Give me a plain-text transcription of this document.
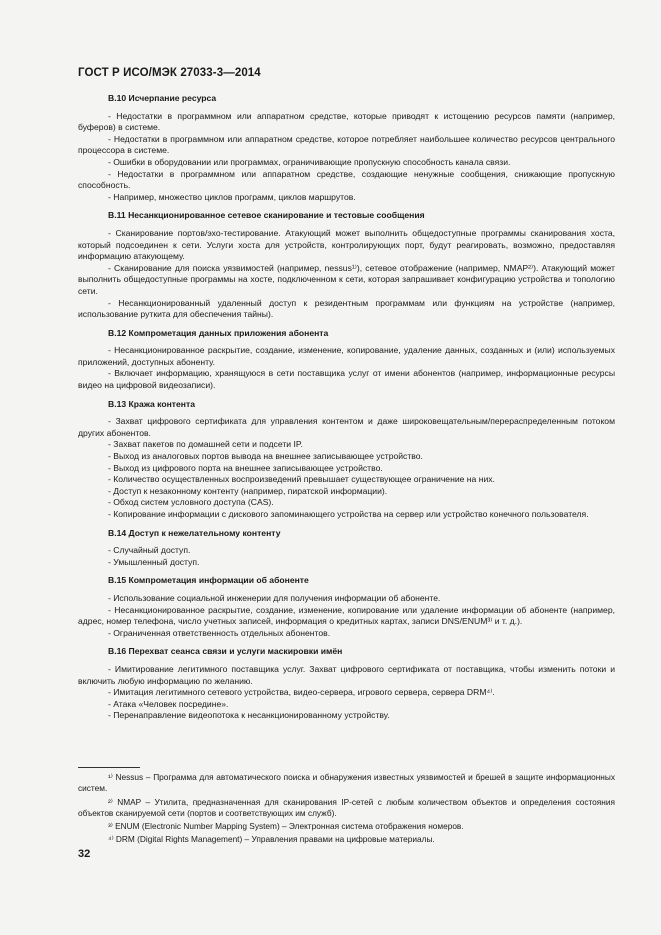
ГОСТ Р ИСО/МЭК 27033-3—2014
B.10 Исчерпание ресурса

- Недостатки в программном или аппаратном средстве, которые приводят к истощению ресурсов памяти (например, буферов) в системе.

- Недостатки в программном или аппаратном средстве, которое потребляет наибольшее количество ресурсов центрального процессора в системе.

- Ошибки в оборудовании или программах, ограничивающие пропускную способность канала связи.

- Недостатки в программном или аппаратном средстве, создающие ненужные сообщения, снижающие пропускную способность.

- Например, множество циклов программ, циклов маршрутов.

B.11 Несанкционированное сетевое сканирование и тестовые сообщения

- Сканирование портов/эхо-тестирование. Атакующий может выполнить общедоступные программы сканирования хоста, который подсоединен к сети. Услуги хоста для устройств, контролирующих порт, будут реагировать, возможно, предоставляя информацию атакующему.

- Сканирование для поиска уязвимостей (например, nessus¹⁾), сетевое отображение (например, NMAP²⁾). Атакующий может выполнить общедоступные программы на хосте, подключенном к сети, которая запрашивает конфигурацию устройства и топологию сети.

- Несанкционированный удаленный доступ к резидентным программам или функциям на устройстве (например, использование руткита для обеспечения тайны).

B.12 Компрометация данных приложения абонента

- Несанкционированное раскрытие, создание, изменение, копирование, удаление данных, созданных и (или) используемых приложений, доступных абоненту.

- Включает информацию, хранящуюся в сети поставщика услуг от имени абонентов (например, информационные ресурсы видео на цифровой видеозаписи).

B.13 Кража контента

- Захват цифрового сертификата для управления контентом и даже широковещательным/перераспределенным потоком других абонентов.

- Захват пакетов по домашней сети и подсети IP.

- Выход из аналоговых портов вывода на внешнее записывающее устройство.

- Выход из цифрового порта на внешнее записывающее устройство.

- Количество осуществленных воспроизведений превышает существующее ограничение на них.

- Доступ к незаконному контенту (например, пиратской информации).

- Обход систем условного доступа (CAS).

- Копирование информации с дискового запоминающего устройства на сервер или устройство конечного пользователя.

B.14 Доступ к нежелательному контенту

- Случайный доступ.

- Умышленный доступ.

B.15 Компрометация информации об абоненте

- Использование социальной инженерии для получения информации об абоненте.

- Несанкционированное раскрытие, создание, изменение, копирование или удаление информации об абоненте (например, адрес, номер телефона, число учетных записей, информация о кредитных картах, записи DNS/ENUM³⁾ и т. д.).

- Ограниченная ответственность отдельных абонентов.

B.16 Перехват сеанса связи и услуги маскировки имён

- Имитирование легитимного поставщика услуг. Захват цифрового сертификата от поставщика, чтобы изменить потоки и включить любую информацию по желанию.

- Имитация легитимного сетевого устройства, видео-сервера, игрового сервера, сервера DRM⁴⁾.

- Атака «Человек посредине».

- Перенаправление видеопотока к несанкционированному устройству.

¹⁾ Nessus – Программа для автоматического поиска и обнаружения известных уязвимостей и брешей в защите информационных систем.

²⁾ NMAP – Утилита, предназначенная для сканирования IP-сетей с любым количеством объектов и определения состояния объектов сканируемой сети (портов и соответствующих им служб).

³⁾ ENUM (Electronic Number Mapping System) – Электронная система отображения номеров.

⁴⁾ DRM (Digital Rights Management) – Управления правами на цифровые материалы.

32
